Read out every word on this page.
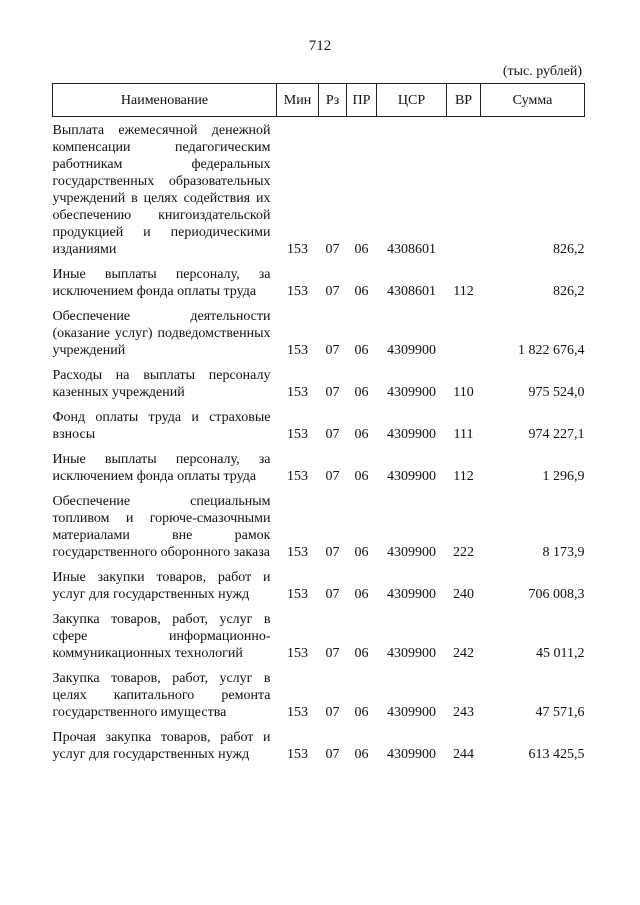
712
(тыс. рублей)
Наименование	Мин	Рз	ПР	ЦСР	ВР	Сумма
Выплата ежемесячной денежной компенсации педагогическим работникам федеральных государственных образовательных учреждений в целях содействия их обеспечению книгоиздательской продукцией и периодическими изданиями	153	07	06	4308601		826,2
Иные выплаты персоналу, за исключением фонда оплаты труда	153	07	06	4308601	112	826,2
Обеспечение деятельности (оказание услуг) подведомственных учреждений	153	07	06	4309900		1 822 676,4
Расходы на выплаты персоналу казенных учреждений	153	07	06	4309900	110	975 524,0
Фонд оплаты труда и страховые взносы	153	07	06	4309900	111	974 227,1
Иные выплаты персоналу, за исключением фонда оплаты труда	153	07	06	4309900	112	1 296,9
Обеспечение специальным топливом и горюче-смазочными материалами вне рамок государственного оборонного заказа	153	07	06	4309900	222	8 173,9
Иные закупки товаров, работ и услуг для государственных нужд	153	07	06	4309900	240	706 008,3
Закупка товаров, работ, услуг в сфере информационно-коммуникационных технологий	153	07	06	4309900	242	45 011,2
Закупка товаров, работ, услуг в целях капитального ремонта государственного имущества	153	07	06	4309900	243	47 571,6
Прочая закупка товаров, работ и услуг для государственных нужд	153	07	06	4309900	244	613 425,5
